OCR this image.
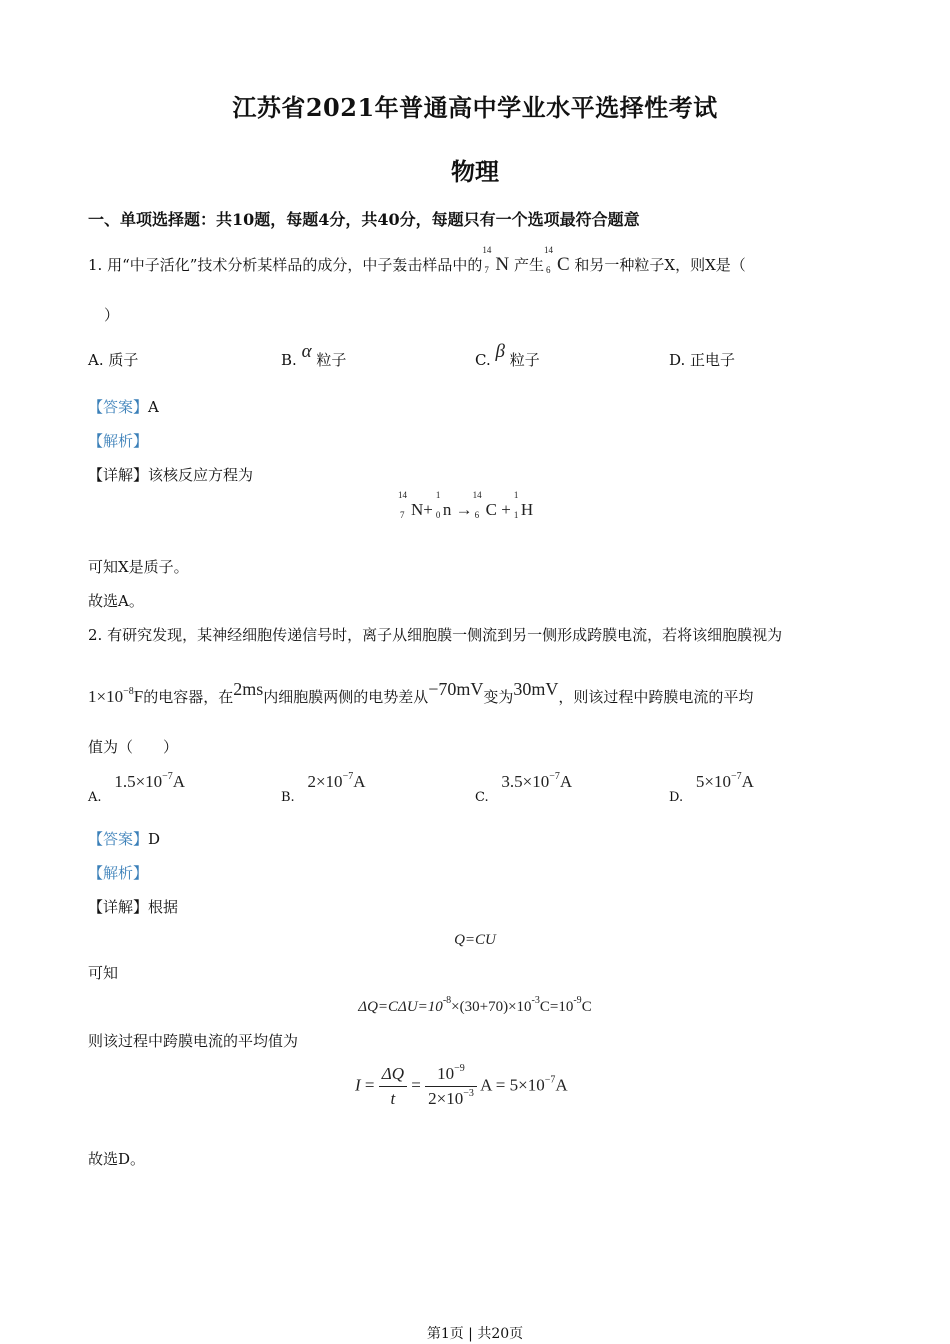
江苏省2021年普通高中学业水平选择性考试
物理
一、单项选择题：共10题，每题4分，共40分，每题只有一个选项最符合题意
1. 用“中子活化”技术分析某样品的成分，中子轰击样品中的
14
7 N 产生
14
6 C 和另一种粒子X，则X是（
）
A. 质子	B. α 粒子	C. β 粒子	D. 正电子
【答案】A
【解析】
【详解】该核反应方程为
14
7 N+
1
0 n →
14
6 C +
1
1 H
可知X是质子。
故选A。
2. 有研究发现，某神经细胞传递信号时，离子从细胞膜一侧流到另一侧形成跨膜电流，若将该细胞膜视为
$1\times 10^{-8}F$的电容器，在2ms内细胞膜两侧的电势差从−70mV变为30mV，则该过程中跨膜电流的平均
值为（　　）
A. $1.5\times 10^{-7}A$
B. $2\times 10^{-7}A$
C. $3.5\times 10^{-7}A$
D. $5\times 10^{-7}A$
【答案】D
【解析】
【详解】根据
Q=CU
可知
$\Delta Q=C\Delta U=10^{-8}\times(30+70)\times 10^{-3}C=10^{-9}C$
则该过程中跨膜电流的平均值为
$I = \frac{\Delta Q}{t} = \frac{10^{-9}}{2\times 10^{-3}}$ $A = 5\times 10^{-7}A$
故选D。
第1页 | 共20页
